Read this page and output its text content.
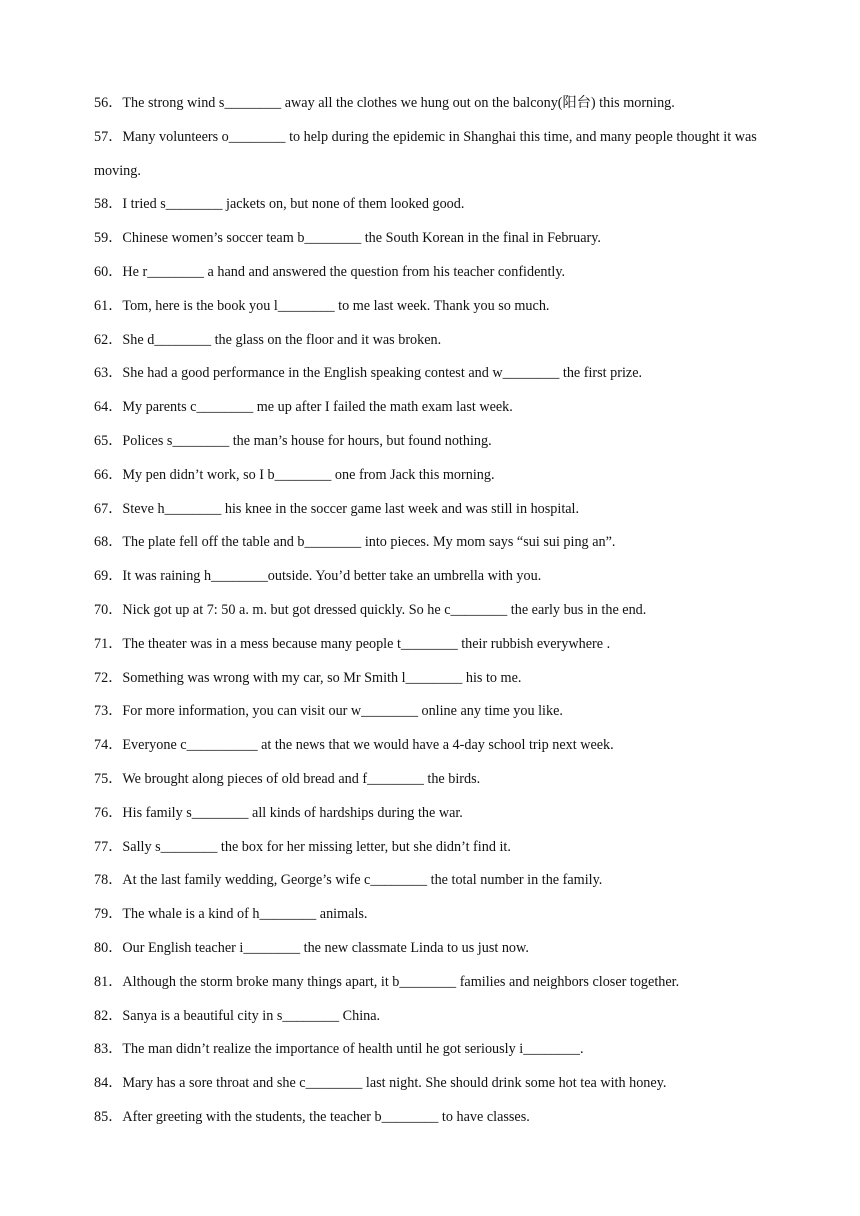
56．The strong wind s________ away all the clothes we hung out on the balcony(阳台) this morning.
57．Many volunteers o________ to help during the epidemic in Shanghai this time, and many people thought it was moving.
58．I tried s________ jackets on, but none of them looked good.
59．Chinese women’s soccer team b________ the South Korean in the final in February.
60．He r________ a hand and answered the question from his teacher confidently.
61．Tom, here is the book you l________ to me last week. Thank you so much.
62．She d________ the glass on the floor and it was broken.
63．She had a good performance in the English speaking contest and w________ the first prize.
64．My parents c________ me up after I failed the math exam last week.
65．Polices s________ the man’s house for hours, but found nothing.
66．My pen didn’t work, so I b________ one from Jack this morning.
67．Steve h________ his knee in the soccer game last week and was still in hospital.
68．The plate fell off the table and b________ into pieces. My mom says “sui sui ping an”.
69．It was raining h________outside. You’d better take an umbrella with you.
70．Nick got up at 7: 50 a. m. but got dressed quickly. So he c________ the early bus in the end.
71．The theater was in a mess because many people t________ their rubbish everywhere .
72．Something was wrong with my car, so Mr Smith l________ his to me.
73．For more information, you can visit our w________ online any time you like.
74．Everyone c__________ at the news that we would have a 4-day school trip next week.
75．We brought along pieces of old bread and f________ the birds.
76．His family s________ all kinds of hardships during the war.
77．Sally s________ the box for her missing letter, but she didn’t find it.
78．At the last family wedding, George’s wife c________ the total number in the family.
79．The whale is a kind of h________ animals.
80．Our English teacher i________ the new classmate Linda to us just now.
81．Although the storm broke many things apart, it b________ families and neighbors closer together.
82．Sanya is a beautiful city in s________ China.
83．The man didn’t realize the importance of health until he got seriously i________.
84．Mary has a sore throat and she c________ last night. She should drink some hot tea with honey.
85．After greeting with the students, the teacher b________ to have classes.
